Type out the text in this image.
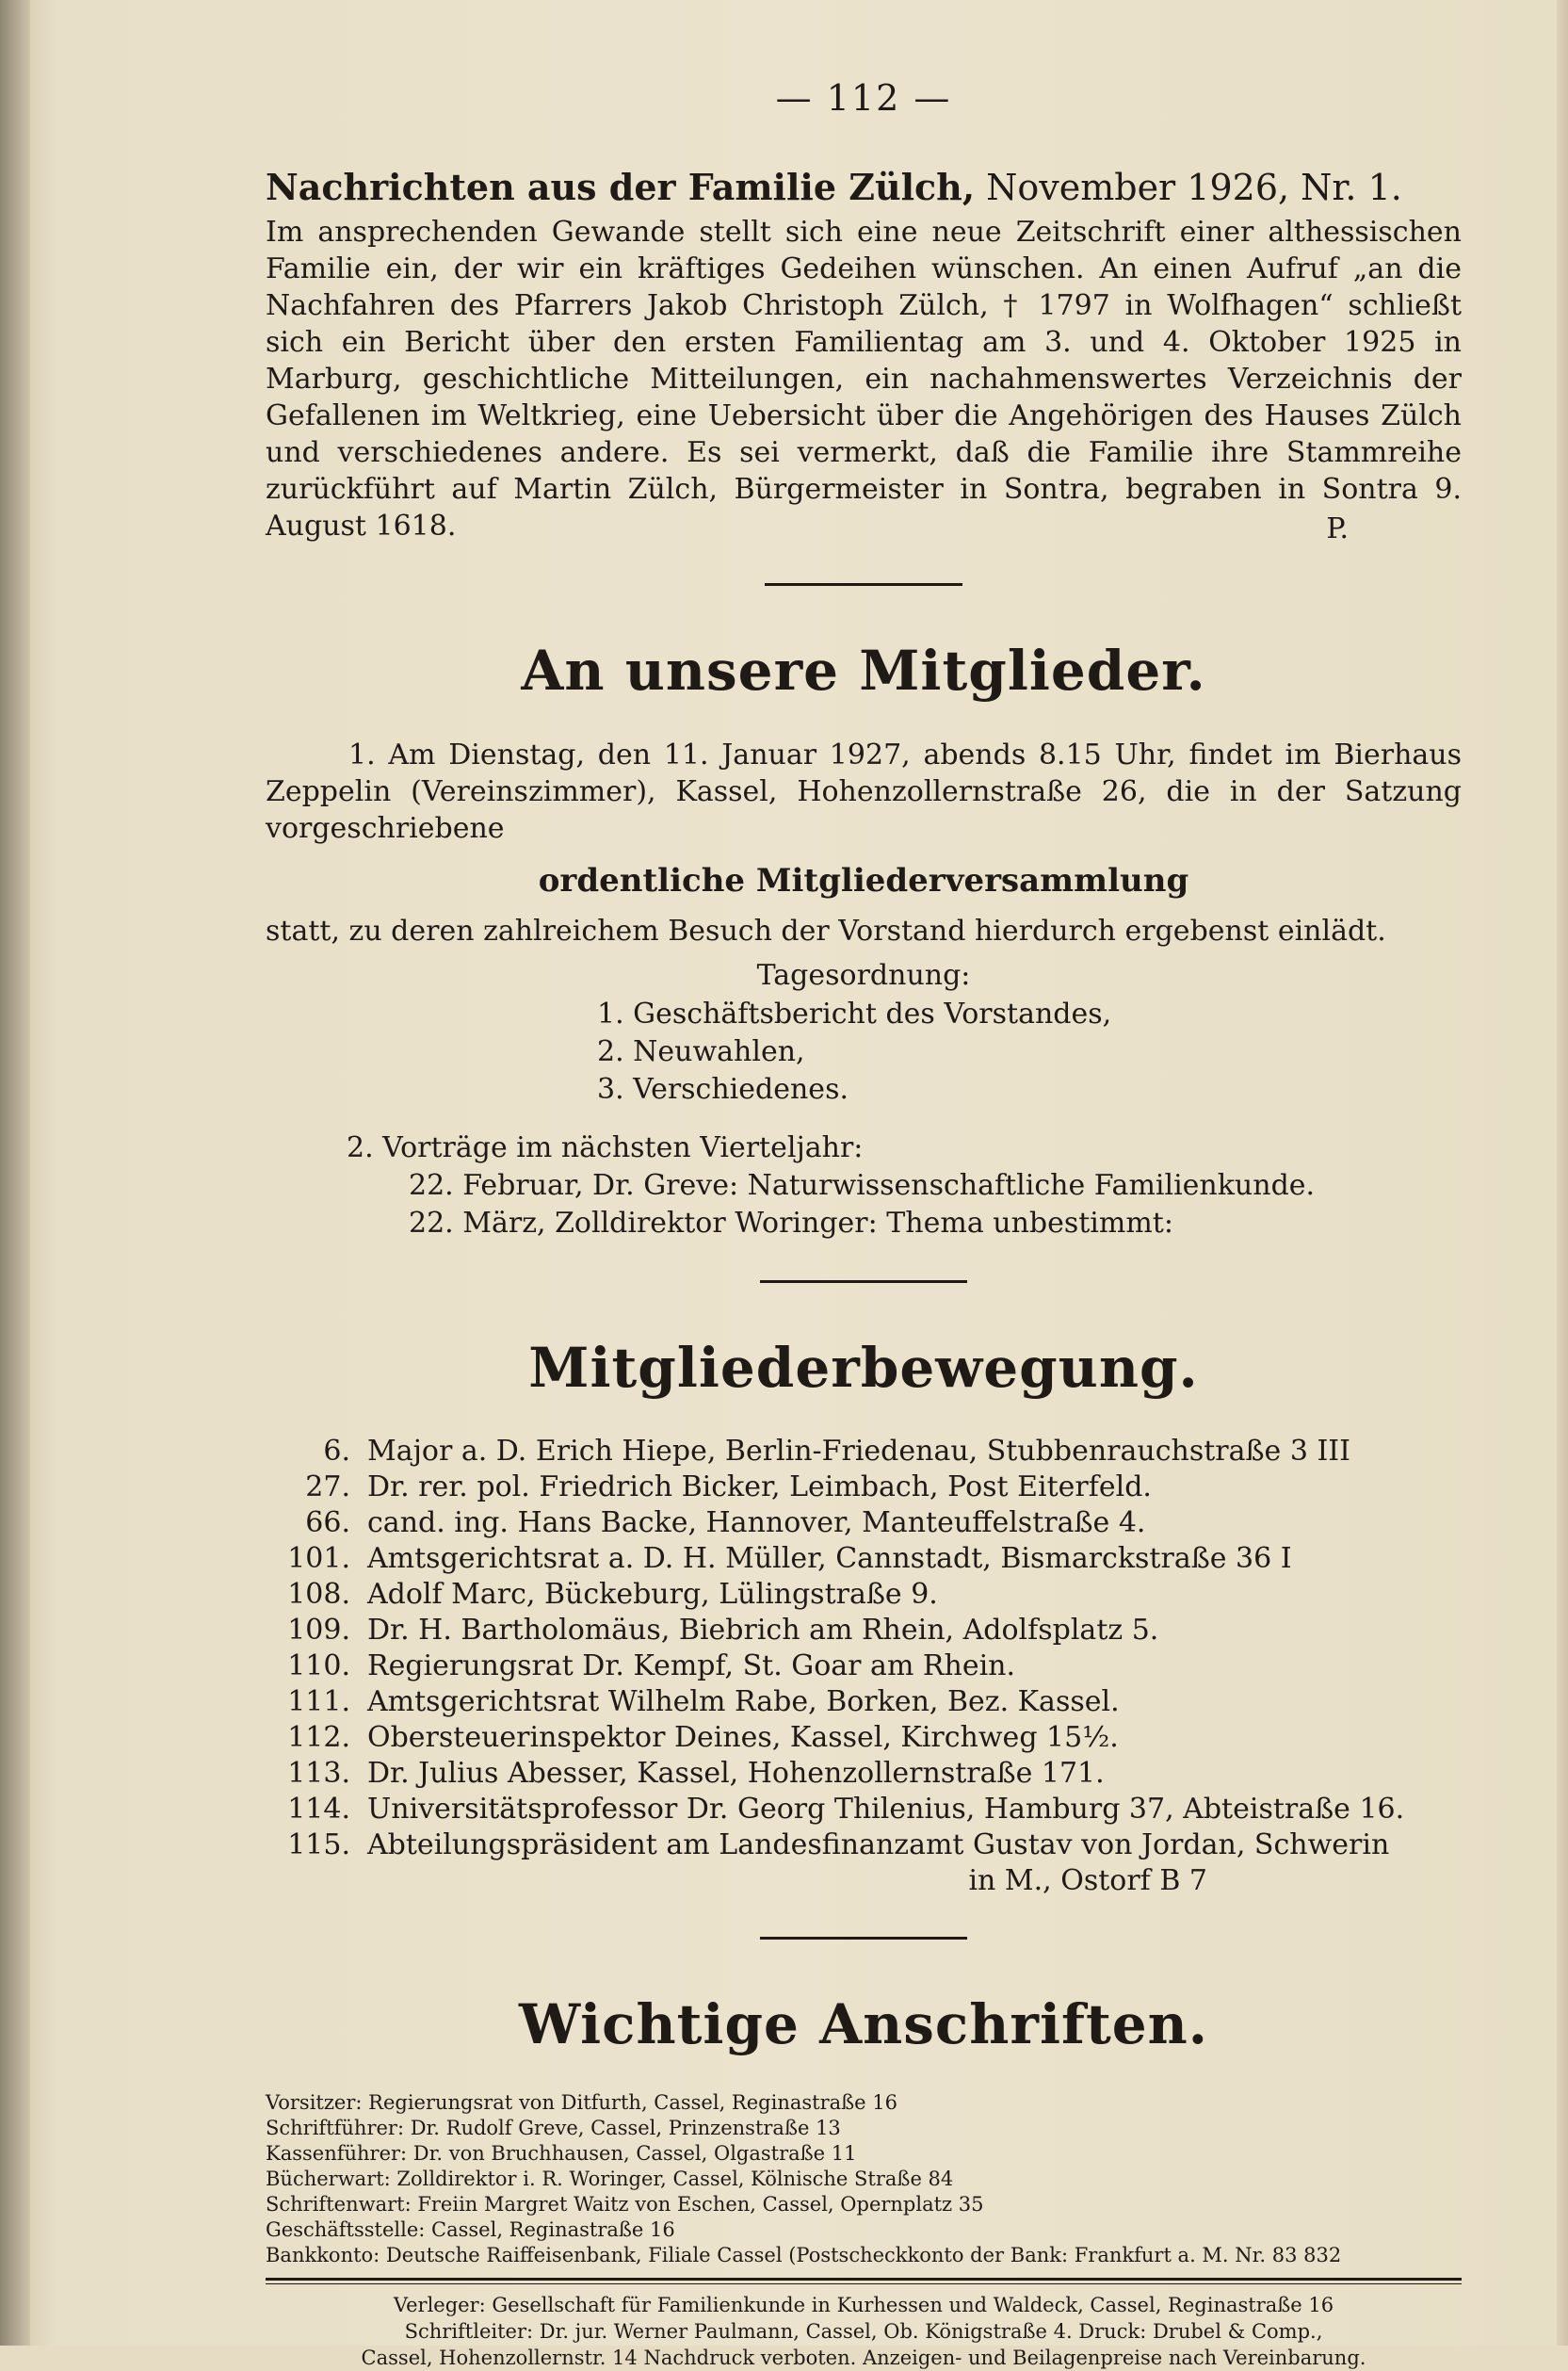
— 112 —
Nachrichten aus der Familie Zülch, November 1926, Nr. 1.

Im ansprechenden Gewande stellt sich eine neue Zeitschrift einer althessischen Familie ein, der wir ein kräftiges Gedeihen wünschen. An einen Aufruf „an die Nachfahren des Pfarrers Jakob Christoph Zülch, † 1797 in Wolfhagen“ schließt sich ein Bericht über den ersten Familientag am 3. und 4. Oktober 1925 in Marburg, geschichtliche Mitteilungen, ein nachahmenswertes Verzeichnis der Gefallenen im Weltkrieg, eine Uebersicht über die Angehörigen des Hauses Zülch und verschiedenes andere. Es sei vermerkt, daß die Familie ihre Stammreihe zurückführt auf Martin Zülch, Bürgermeister in Sontra, begraben in Sontra 9. August 1618.	P.
An unsere Mitglieder.

1. Am Dienstag, den 11. Januar 1927, abends 8.15 Uhr, findet im Bierhaus Zeppelin (Vereinszimmer), Kassel, Hohenzollernstraße 26, die in der Satzung vorgeschriebene

ordentliche Mitgliederversammlung

statt, zu deren zahlreichem Besuch der Vorstand hierdurch ergebenst einlädt.

Tagesordnung:
1. Geschäftsbericht des Vorstandes,
2. Neuwahlen,
3. Verschiedenes.
2. Vorträge im nächsten Vierteljahr:
22. Februar, Dr. Greve: Naturwissenschaftliche Familienkunde.
22. März, Zolldirektor Woringer: Thema unbestimmt:
Mitgliederbewegung.
6. Major a. D. Erich Hiepe, Berlin-Friedenau, Stubbenrauchstraße 3 III
27. Dr. rer. pol. Friedrich Bicker, Leimbach, Post Eiterfeld.
66. cand. ing. Hans Backe, Hannover, Manteuffelstraße 4.
101. Amtsgerichtsrat a. D. H. Müller, Cannstadt, Bismarckstraße 36 I
108. Adolf Marc, Bückeburg, Lülingstraße 9.
109. Dr. H. Bartholomäus, Biebrich am Rhein, Adolfsplatz 5.
110. Regierungsrat Dr. Kempf, St. Goar am Rhein.
111. Amtsgerichtsrat Wilhelm Rabe, Borken, Bez. Kassel.
112. Obersteuerinspektor Deines, Kassel, Kirchweg 15½.
113. Dr. Julius Abesser, Kassel, Hohenzollernstraße 171.
114. Universitätsprofessor Dr. Georg Thilenius, Hamburg 37, Abteistraße 16.
115. Abteilungspräsident am Landesfinanzamt Gustav von Jordan, Schwerin
in M., Ostorf B 7
Wichtige Anschriften.
Vorsitzer: Regierungsrat von Ditfurth, Cassel, Reginastraße 16
Schriftführer: Dr. Rudolf Greve, Cassel, Prinzenstraße 13
Kassenführer: Dr. von Bruchhausen, Cassel, Olgastraße 11
Bücherwart: Zolldirektor i. R. Woringer, Cassel, Kölnische Straße 84
Schriftenwart: Freiin Margret Waitz von Eschen, Cassel, Opernplatz 35
Geschäftsstelle: Cassel, Reginastraße 16
Bankkonto: Deutsche Raiffeisenbank, Filiale Cassel (Postscheckkonto der Bank: Frankfurt a. M. Nr. 83 832

Verleger: Gesellschaft für Familienkunde in Kurhessen und Waldeck, Cassel, Reginastraße 16

Schriftleiter: Dr. jur. Werner Paulmann, Cassel, Ob. Königstraße 4. Druck: Drubel & Comp.,

Cassel, Hohenzollernstr. 14 Nachdruck verboten. Anzeigen- und Beilagenpreise nach Vereinbarung.
